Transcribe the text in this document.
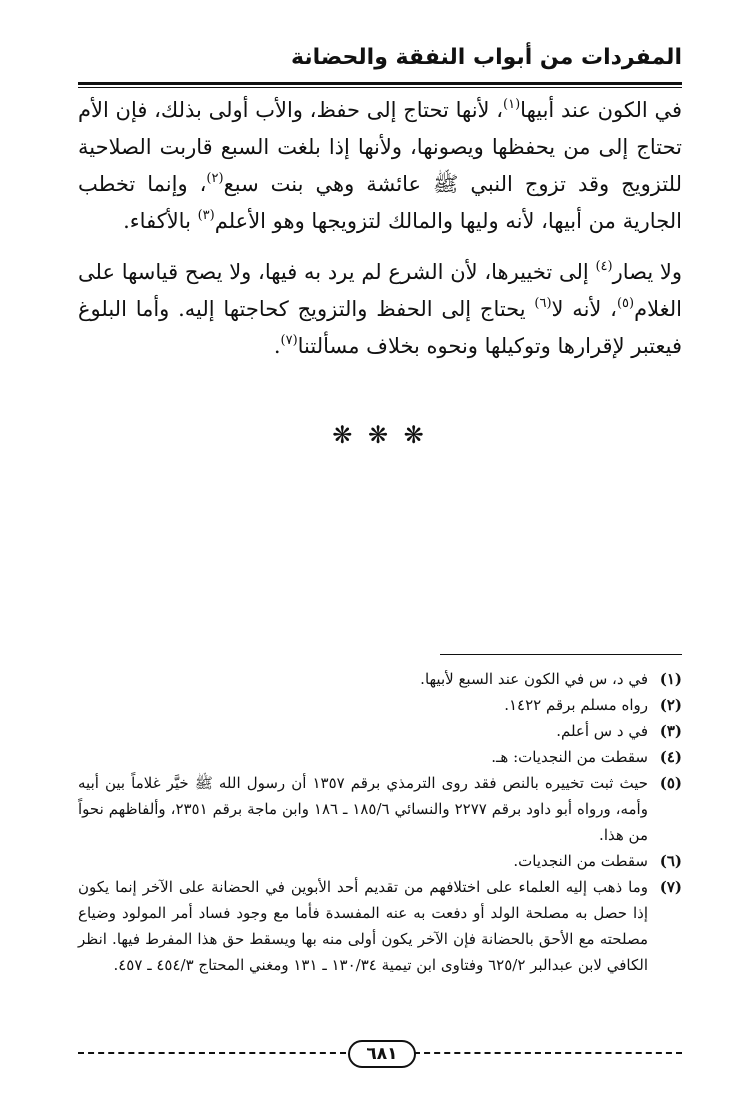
المفردات من أبواب النفقة والحضانة

في الكون عند أبيها$^{(١)}$، لأنها تحتاج إلى حفظ، والأب أولى بذلك، فإن الأم تحتاج إلى من يحفظها ويصونها، ولأنها إذا بلغت السبع قاربت الصلاحية للتزويج وقد تزوج النبي ﷺ عائشة وهي بنت سبع$^{(٢)}$، وإنما تخطب الجارية من أبيها، لأنه وليها والمالك لتزويجها وهو الأعلم$^{(٣)}$ بالأكفاء.

ولا يصار$^{(٤)}$ إلى تخييرها، لأن الشرع لم يرد به فيها، ولا يصح قياسها على الغلام$^{(٥)}$، لأنه لا$^{(٦)}$ يحتاج إلى الحفظ والتزويج كحاجتها إليه. وأما البلوغ فيعتبر لإقرارها وتوكيلها ونحوه بخلاف مسألتنا$^{(٧)}$.

❋ ❋ ❋
(١)
في د، س في الكون عند السبع لأبيها.
(٢)
رواه مسلم برقم ١٤٢٢.
(٣)
في د س أعلم.
(٤)
سقطت من النجديات: هـ.
(٥)
حيث ثبت تخييره بالنص فقد روى الترمذي برقم ١٣٥٧ أن رسول الله ﷺ خيَّر غلاماً بين أبيه وأمه، ورواه أبو داود برقم ٢٢٧٧ والنسائي ١٨٥/٦ ـ ١٨٦ وابن ماجة برقم ٢٣٥١، وألفاظهم نحواً من هذا.
(٦)
سقطت من النجديات.
(٧)
وما ذهب إليه العلماء على اختلافهم من تقديم أحد الأبوين في الحضانة على الآخر إنما يكون إذا حصل به مصلحة الولد أو دفعت به عنه المفسدة فأما مع وجود فساد أمر المولود وضياع مصلحته مع الأحق بالحضانة فإن الآخر يكون أولى منه بها ويسقط حق هذا المفرط فيها. انظر الكافي لابن عبدالبر ٦٢٥/٢ وفتاوى ابن تيمية ١٣٠/٣٤ ـ ١٣١ ومغني المحتاج ٤٥٤/٣ ـ ٤٥٧.
٦٨١
